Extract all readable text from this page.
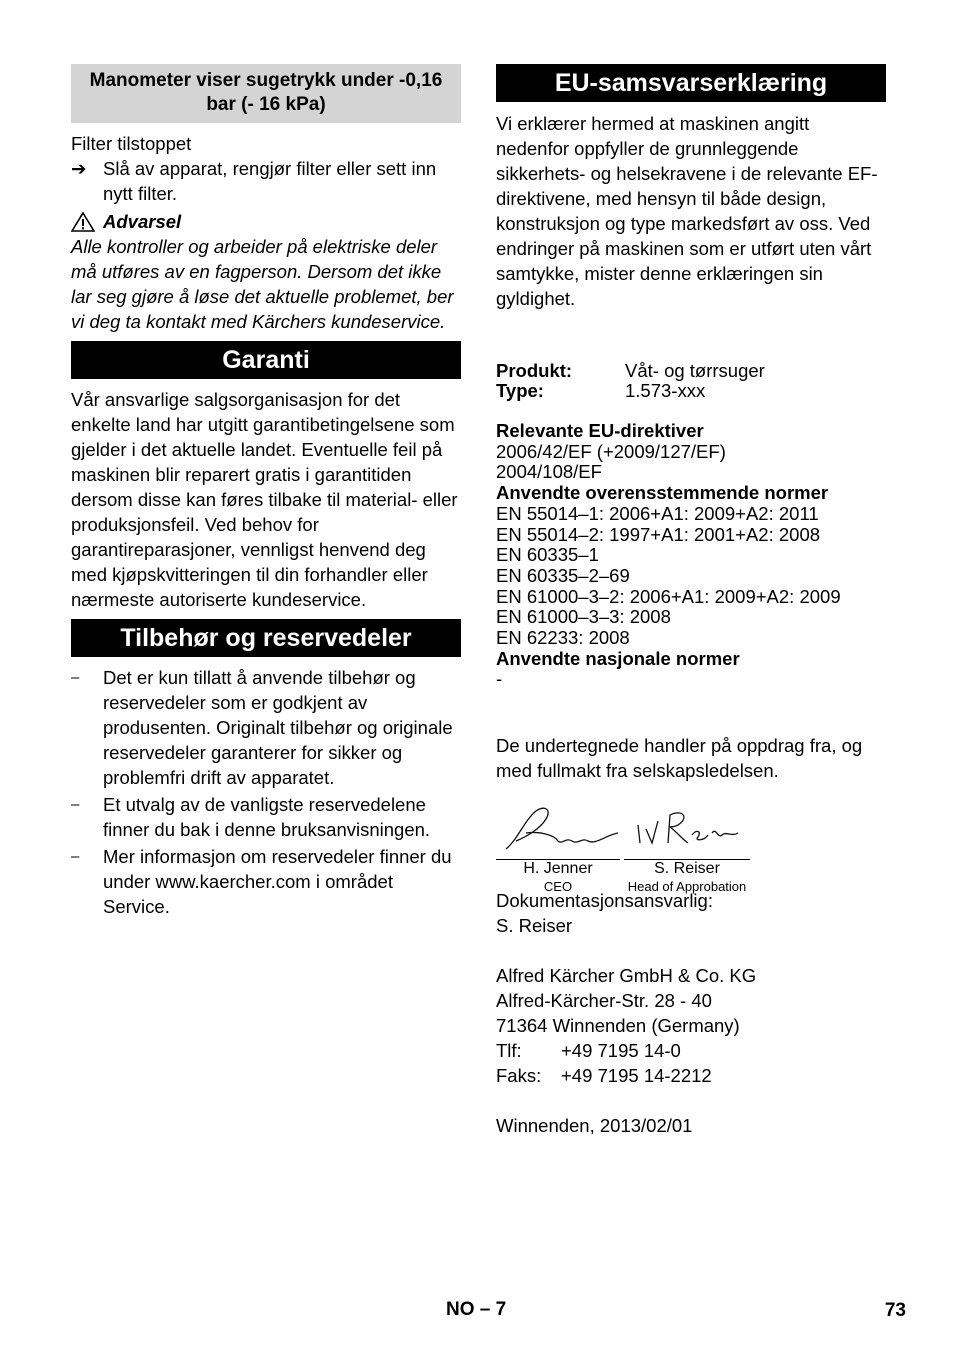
Manometer viser sugetrykk under -0,16 bar (- 16 kPa)

Filter tilstoppet

➔ Slå av apparat, rengjør filter eller sett inn nytt filter.
Advarsel

Alle kontroller og arbeider på elektriske deler må utføres av en fagperson. Dersom det ikke lar seg gjøre å løse det aktuelle problemet, ber vi deg ta kontakt med Kärchers kundeservice.

Garanti

Vår ansvarlige salgsorganisasjon for det enkelte land har utgitt garantibetingelsene som gjelder i det aktuelle landet. Eventuelle feil på maskinen blir reparert gratis i garantitiden dersom disse kan føres tilbake til material- eller produksjonsfeil. Ved behov for garantireparasjoner, vennligst henvend deg med kjøpskvitteringen til din forhandler eller nærmeste autoriserte kundeservice.

Tilbehør og reservedeler
–	Det er kun tillatt å anvende tilbehør og reservedeler som er godkjent av produsenten. Originalt tilbehør og originale reservedeler garanterer for sikker og problemfri drift av apparatet.
–	Et utvalg av de vanligste reservedelene finner du bak i denne bruksanvisningen.
–	Mer informasjon om reservedeler finner du under www.kaercher.com i området Service.
EU-samsvarserklæring

Vi erklærer hermed at maskinen angitt nedenfor oppfyller de grunnleggende sikkerhets- og helsekravene i de relevante EF-direktivene, med hensyn til både design, konstruksjon og type markedsført av oss. Ved endringer på maskinen som er utført uten vårt samtykke, mister denne erklæringen sin gyldighet.

Produkt:	Våt- og tørrsuger
Type:	1.573-xxx
Relevante EU-direktiver
2006/42/EF (+2009/127/EF)
2004/108/EF
Anvendte overensstemmende normer
EN 55014–1: 2006+A1: 2009+A2: 2011
EN 55014–2: 1997+A1: 2001+A2: 2008
EN 60335–1
EN 60335–2–69
EN 61000–3–2: 2006+A1: 2009+A2: 2009
EN 61000–3–3: 2008
EN 62233: 2008
Anvendte nasjonale normer
-

De undertegnede handler på oppdrag fra, og med fullmakt fra selskapsledelsen.

H. Jenner
CEO
S. Reiser
Head of Approbation

Dokumentasjonsansvarlig:

S. Reiser

Alfred Kärcher GmbH & Co. KG

Alfred-Kärcher-Str. 28 - 40

71364 Winnenden (Germany)

Tlf:	+49 7195 14-0
Faks:	+49 7195 14-2212

Winnenden, 2013/02/01

NO – 7	73
